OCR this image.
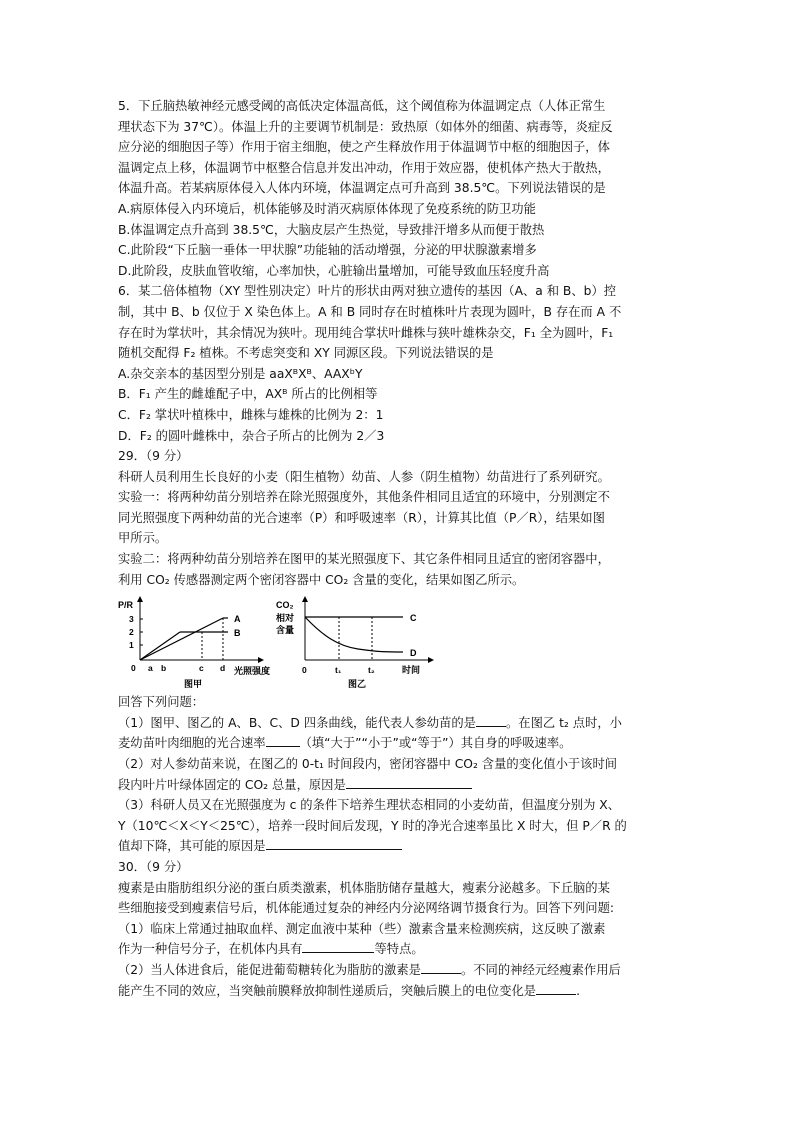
5．下丘脑热敏神经元感受阈的高低决定体温高低，这个阈值称为体温调定点（人体正常生
理状态下为 37℃）。体温上升的主要调节机制是：致热原（如体外的细菌、病毒等，炎症反
应分泌的细胞因子等）作用于宿主细胞，使之产生释放作用于体温调节中枢的细胞因子，体
温调定点上移，体温调节中枢整合信息并发出冲动，作用于效应器，使机体产热大于散热，
体温升高。若某病原体侵入人体内环境，体温调定点可升高到 38.5℃。下列说法错误的是
A.病原体侵入内环境后，机体能够及时消灭病原体体现了免疫系统的防卫功能
B.体温调定点升高到 38.5℃，大脑皮层产生热觉，导致排汗增多从而便于散热
C.此阶段“下丘脑一垂体一甲状腺”功能轴的活动增强，分泌的甲状腺激素增多
D.此阶段，皮肤血管收缩，心率加快，心脏输出量增加，可能导致血压轻度升高
6．某二倍体植物（XY 型性别决定）叶片的形状由两对独立遗传的基因（A、a 和 B、b）控
制，其中 B、b 仅位于 X 染色体上。A 和 B 同时存在时植株叶片表现为圆叶，B 存在而 A 不
存在时为掌状叶，其余情况为狭叶。现用纯合掌状叶雌株与狭叶雄株杂交，F₁ 全为圆叶，F₁
随机交配得 F₂ 植株。不考虑突变和 XY 同源区段。下列说法错误的是
A.杂交亲本的基因型分别是 aaXᴮXᴮ、AAXᵇY
B．F₁ 产生的雌雄配子中，AXᴮ 所占的比例相等
C．F₂ 掌状叶植株中，雌株与雄株的比例为 2：1
D．F₂ 的圆叶雌株中，杂合子所占的比例为 2／3
29．（9 分）
科研人员利用生长良好的小麦（阳生植物）幼苗、人参（阴生植物）幼苗进行了系列研究。
实验一：将两种幼苗分别培养在除光照强度外，其他条件相同且适宜的环境中，分别测定不
同光照强度下两种幼苗的光合速率（P）和呼吸速率（R），计算其比值（P／R），结果如图
甲所示。
实验二：将两种幼苗分别培养在图甲的某光照强度下、其它条件相同且适宜的密闭容器中，
利用 CO₂ 传感器测定两个密闭容器中 CO₂ 含量的变化，结果如图乙所示。
P/R
1
2
3	A
B
0 a b	c d 光照强度
图甲
CO₂
相对
含量
C
D
0	t₁	t₂	时间
图乙
回答下列问题：
（1）图甲、图乙的 A、B、C、D 四条曲线，能代表人参幼苗的是 。在图乙 t₂ 点时，小
麦幼苗叶肉细胞的光合速率	（填“大于”“小于”或“等于”）其自身的呼吸速率。
（2）对人参幼苗来说，在图乙的 0-t₁ 时间段内，密闭容器中 CO₂ 含量的变化值小于该时间
段内叶片叶绿体固定的 CO₂ 总量，原因是
（3）科研人员又在光照强度为 c 的条件下培养生理状态相同的小麦幼苗，但温度分别为 X、
Y（10℃＜X＜Y＜25℃），培养一段时间后发现，Y 时的净光合速率虽比 X 时大，但 P／R 的
值却下降，其可能的原因是
30．（9 分）
瘦素是由脂肪组织分泌的蛋白质类激素，机体脂肪储存量越大，瘦素分泌越多。下丘脑的某
些细胞接受到瘦素信号后，机体能通过复杂的神经内分泌网络调节摄食行为。回答下列问题:
（1）临床上常通过抽取血样、测定血液中某种（些）激素含量来检测疾病，这反映了激素
作为一种信号分子，在机体内具有	等特点。
（2）当人体进食后，能促进葡萄糖转化为脂肪的激素是	。不同的神经元经瘦素作用后
能产生不同的效应，当突触前膜释放抑制性递质后，突触后膜上的电位变化是	.
